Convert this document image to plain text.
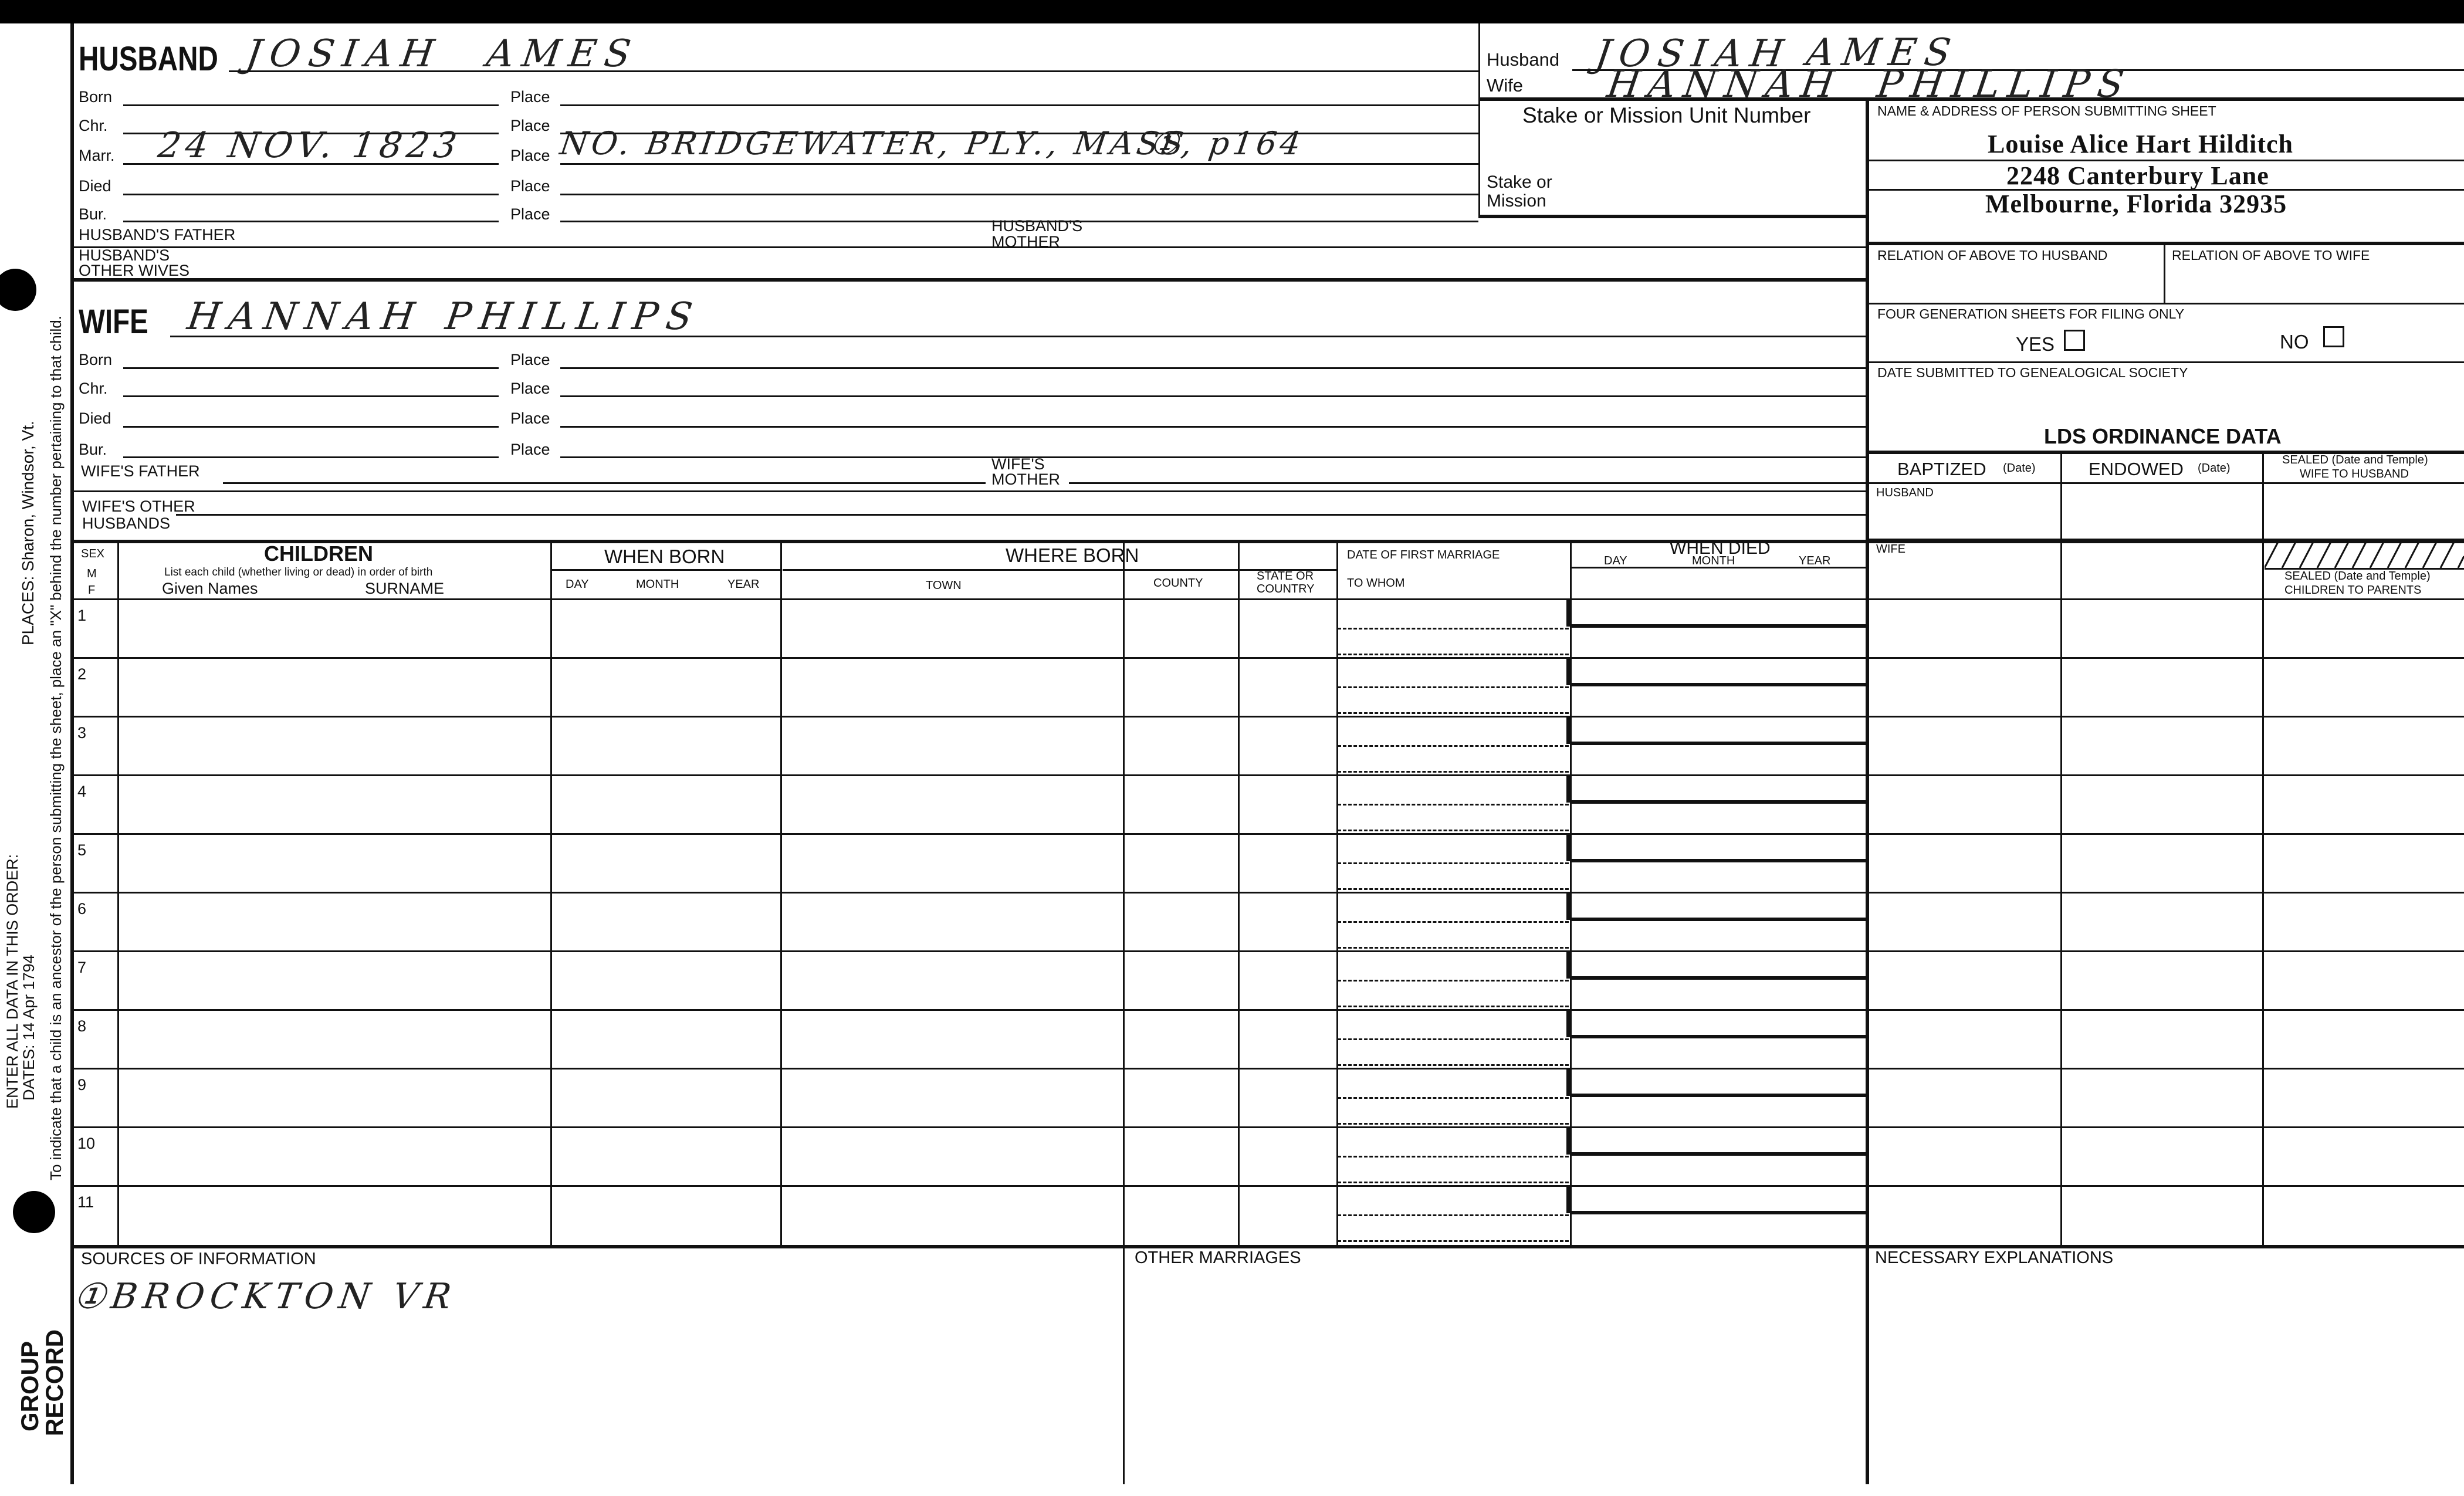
PLACES: Sharon, Windsor, Vt. To indicate that a child is an ancestor of the person submitting the sheet, place an "X" behind the number pertaining to that child.
ENTER ALL DATA IN THIS ORDER:
DATES: 14 Apr 1794
GROUP
RECORD
HUSBAND JOSIAH AMES
Born	Place
Chr.	Place
Marr. 24 NOV. 1823	Place NO. BRIDGEWATER, PLY., MASS
①, p164
Died	Place
Bur.	Place
HUSBAND'S FATHER	HUSBAND'S
MOTHER
HUSBAND'S
OTHER WIVES
WIFE HANNAH PHILLIPS
Born	Place
Chr.	Place
Died	Place
Bur.	Place
WIFE'S FATHER	WIFE'S
MOTHER
WIFE'S OTHER
HUSBANDS
Husband JOSIAH AMES
Wife HANNAH PHILLIPS
Stake or Mission Unit Number
Stake or
Mission
NAME & ADDRESS OF PERSON SUBMITTING SHEET
Louise Alice Hart Hilditch
2248 Canterbury Lane
Melbourne, Florida 32935
RELATION OF ABOVE TO HUSBAND	RELATION OF ABOVE TO WIFE
FOUR GENERATION SHEETS FOR FILING ONLY
YES	NO
DATE SUBMITTED TO GENEALOGICAL SOCIETY
LDS ORDINANCE DATA
BAPTIZED (Date)	ENDOWED (Date)
SEALED (Date and Temple)
WIFE TO HUSBAND
HUSBAND
WIFE
SEALED (Date and Temple)
CHILDREN TO PARENTS
SEX
M
F
CHILDREN
List each child (whether living or dead) in order of birth
Given Names	SURNAME
WHEN BORN
DAY	MONTH	YEAR
WHERE BORN
TOWN	COUNTY
STATE OR
COUNTRY
DATE OF FIRST MARRIAGE
TO WHOM
WHEN DIED
DAY	MONTH	YEAR
1
2
3
4
5
6
7
8
9
10
11
SOURCES OF INFORMATION
①BROCKTON VR
OTHER MARRIAGES	NECESSARY EXPLANATIONS
